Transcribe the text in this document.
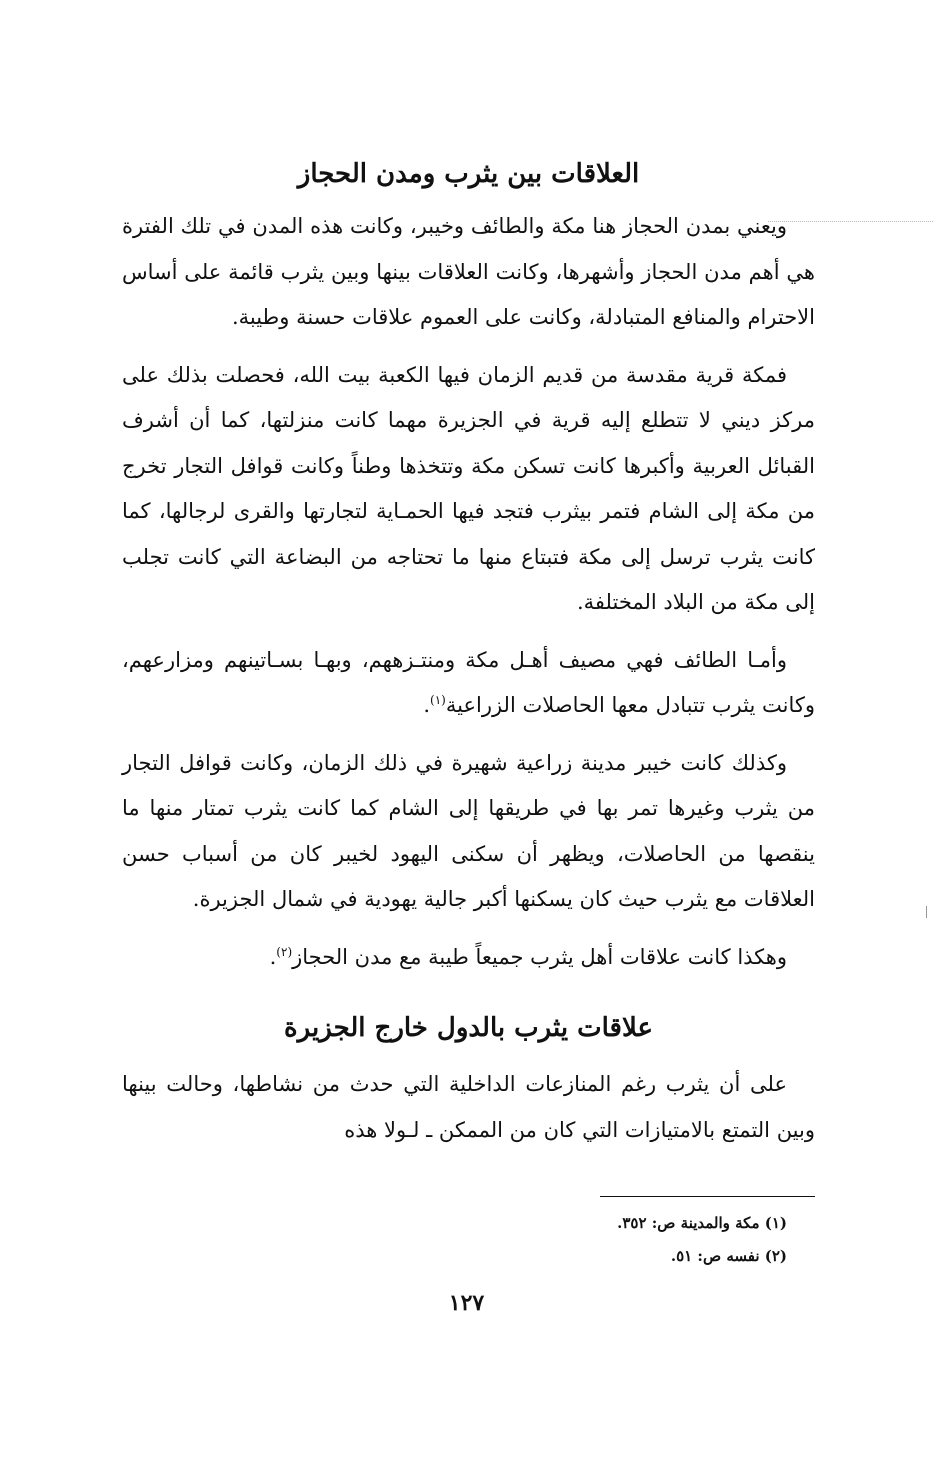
العلاقات بين يثرب ومدن الحجاز

ويعني بمدن الحجاز هنا مكة والطائف وخيبر، وكانت هذه المدن في تلك الفترة هي أهم مدن الحجاز وأشهرها، وكانت العلاقات بينها وبين يثرب قائمة على أساس الاحترام والمنافع المتبادلة، وكانت على العموم علاقات حسنة وطيبة.

فمكة قرية مقدسة من قديم الزمان فيها الكعبة بيت الله، فحصلت بذلك على مركز ديني لا تتطلع إليه قرية في الجزيرة مهما كانت منزلتها، كما أن أشرف القبائل العربية وأكبرها كانت تسكن مكة وتتخذها وطناً وكانت قوافل التجار تخرج من مكة إلى الشام فتمر بيثرب فتجد فيها الحمـاية لتجارتها والقرى لرجالها، كما كانت يثرب ترسل إلى مكة فتبتاع منها ما تحتاجه من البضاعة التي كانت تجلب إلى مكة من البلاد المختلفة.

وأمـا الطائف فهي مصيف أهـل مكة ومنتـزههم، وبهـا بسـاتينهم ومزارعهم، وكانت يثرب تتبادل معها الحاصلات الزراعية$^{(١)}$.

وكذلك كانت خيبر مدينة زراعية شهيرة في ذلك الزمان، وكانت قوافل التجار من يثرب وغيرها تمر بها في طريقها إلى الشام كما كانت يثرب تمتار منها ما ينقصها من الحاصلات، ويظهر أن سكنى اليهود لخيبر كان من أسباب حسن العلاقات مع يثرب حيث كان يسكنها أكبر جالية يهودية في شمال الجزيرة.

وهكذا كانت علاقات أهل يثرب جميعاً طيبة مع مدن الحجاز$^{(٢)}$.

علاقات يثرب بالدول خارج الجزيرة

على أن يثرب رغم المنازعات الداخلية التي حدث من نشاطها، وحالت بينها وبين التمتع بالامتيازات التي كان من الممكن ـ لـولا هذه

(١) مكة والمدينة ص: ٣٥٢.

(٢) نفسه ص: ٥١.

١٢٧
